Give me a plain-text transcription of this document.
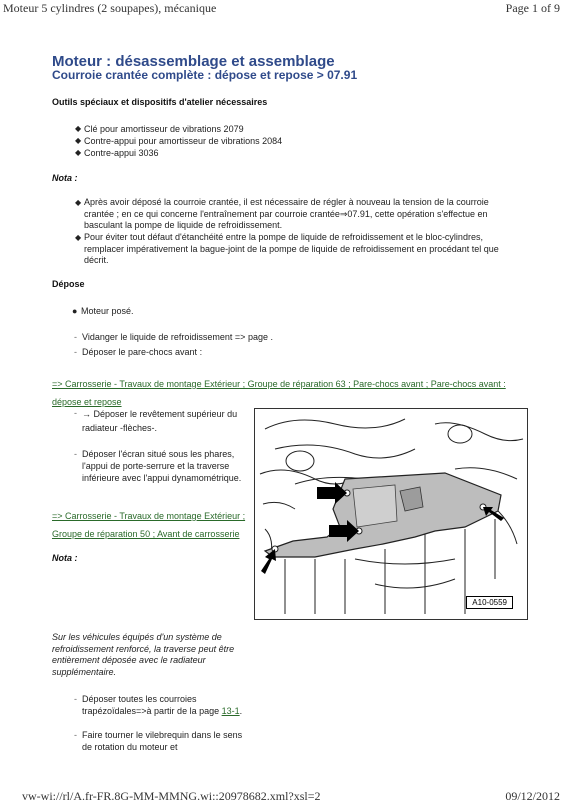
Moteur 5 cylindres (2 soupapes), mécanique	Page 1 of 9
Moteur : désassemblage et assemblage
Courroie crantée complète : dépose et repose > 07.91
Outils spéciaux et dispositifs d'atelier nécessaires
◆ Clé pour amortisseur de vibrations 2079
◆ Contre-appui pour amortisseur de vibrations 2084
◆ Contre-appui 3036
Nota :
◆ Après avoir déposé la courroie crantée, il est nécessaire de régler à nouveau la tension de la courroie crantée ; en ce qui concerne l'entraînement par courroie crantée⇒07.91, cette opération s'effectue en basculant la pompe de liquide de refroidissement.
◆ Pour éviter tout défaut d'étanchéité entre la pompe de liquide de refroidissement et le bloc-cylindres, remplacer impérativement la bague-joint de la pompe de liquide de refroidissement en procédant tel que décrit.
Dépose
● Moteur posé.
- Vidanger le liquide de refroidissement => page .
- Déposer le pare-chocs avant :
=> Carrosserie - Travaux de montage Extérieur ; Groupe de réparation 63 ; Pare-chocs avant ; Pare-chocs avant : dépose et repose
- → Déposer le revêtement supérieur du radiateur -flèches-.
- Déposer l'écran situé sous les phares, l'appui de porte-serrure et la traverse inférieure avec l'appui dynamométrique.
=> Carrosserie - Travaux de montage Extérieur ; Groupe de réparation 50 ; Avant de carrosserie
Nota :
Sur les véhicules équipés d'un système de refroidissement renforcé, la traverse peut être entièrement déposée avec le radiateur supplémentaire.
- Déposer toutes les courroies trapézoïdales=>à partir de la page 13-1.
- Faire tourner le vilebrequin dans le sens de rotation du moteur et
A10-0559
vw-wi://rl/A.fr-FR.8G-MM-MMNG.wi::20978682.xml?xsl=2	09/12/2012
